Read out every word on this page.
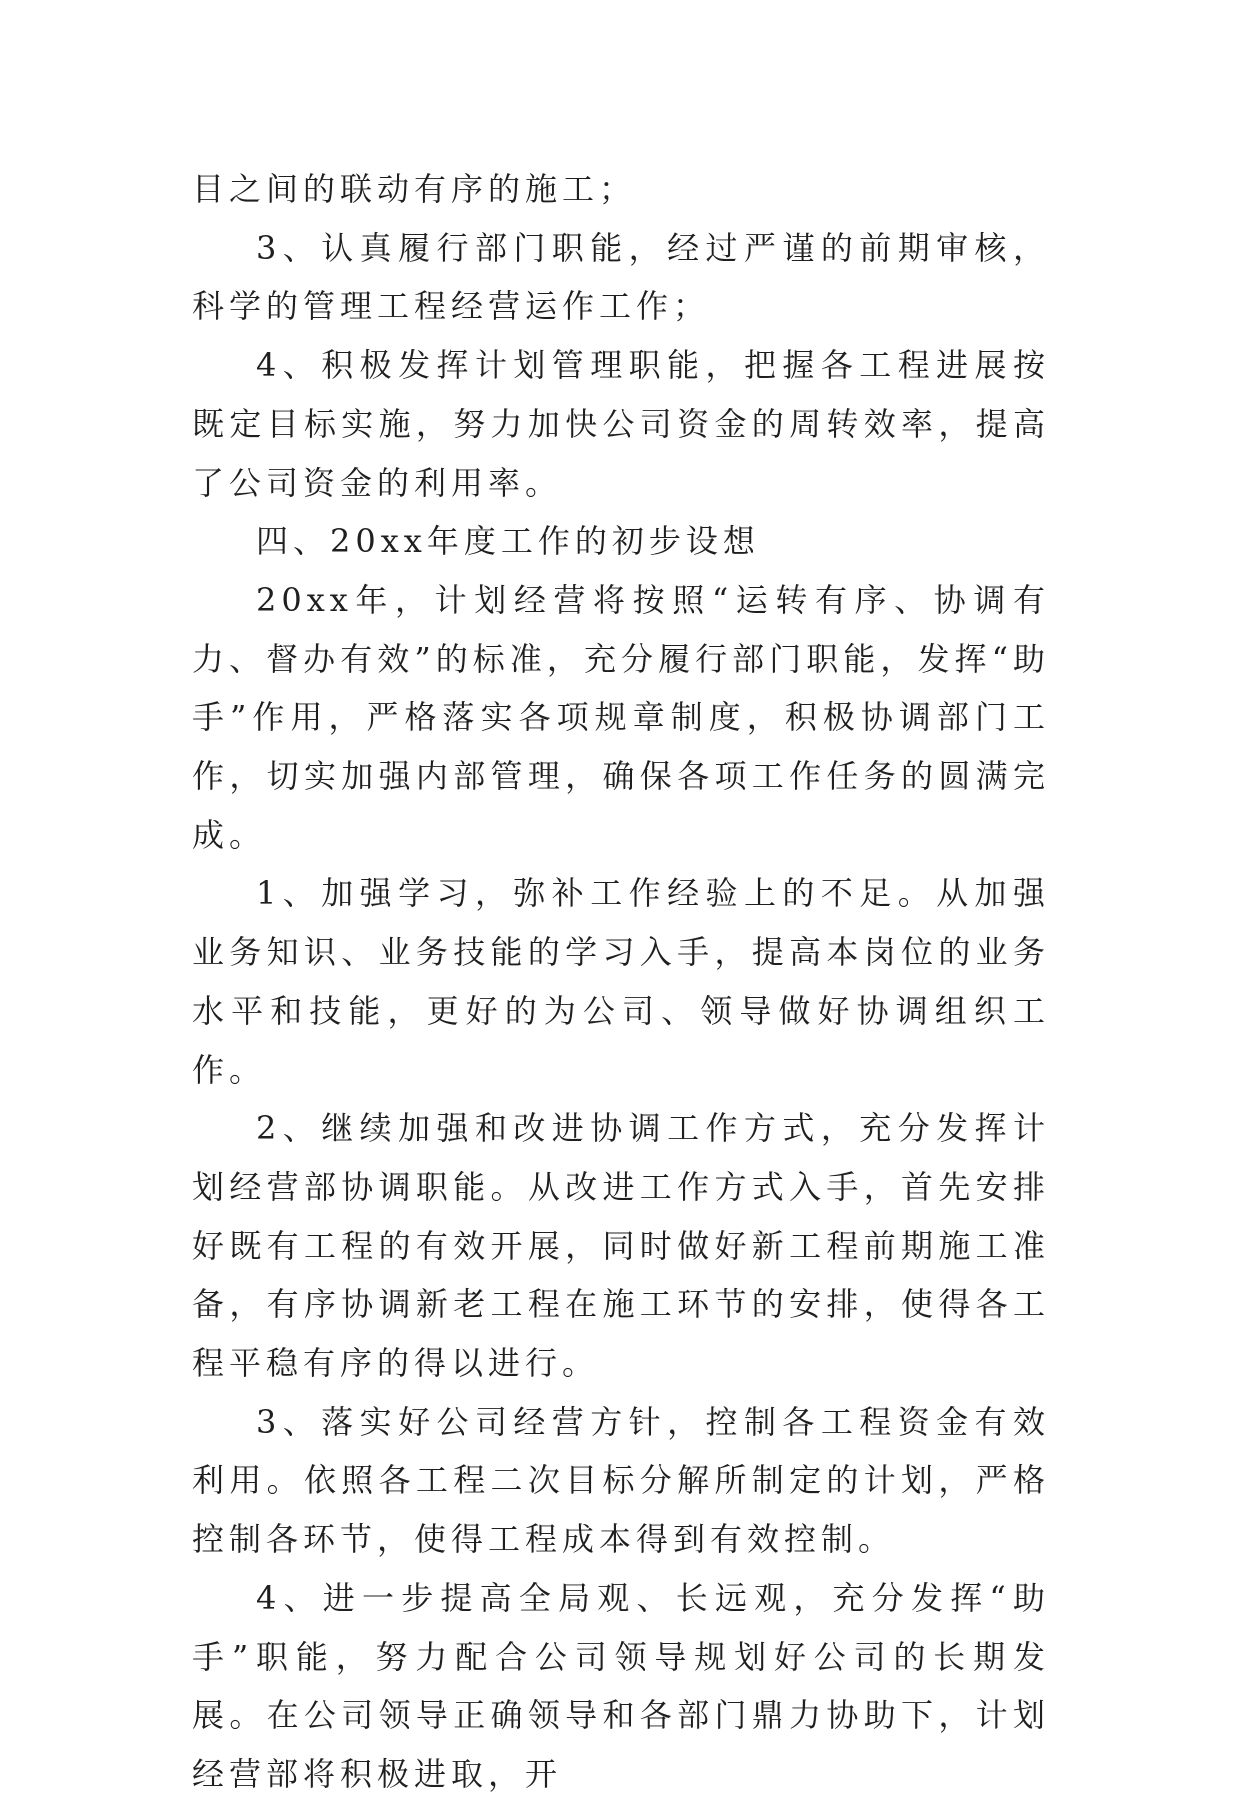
目之间的联动有序的施工；

3、认真履行部门职能，经过严谨的前期审核，科学的管理工程经营运作工作；

4、积极发挥计划管理职能，把握各工程进展按既定目标实施，努力加快公司资金的周转效率，提高了公司资金的利用率。

四、20xx年度工作的初步设想

20xx年，计划经营将按照“运转有序、协调有力、督办有效”的标准，充分履行部门职能，发挥“助手”作用，严格落实各项规章制度，积极协调部门工作，切实加强内部管理，确保各项工作任务的圆满完成。

1、加强学习，弥补工作经验上的不足。从加强业务知识、业务技能的学习入手，提高本岗位的业务水平和技能，更好的为公司、领导做好协调组织工作。

2、继续加强和改进协调工作方式，充分发挥计划经营部协调职能。从改进工作方式入手，首先安排好既有工程的有效开展，同时做好新工程前期施工准备，有序协调新老工程在施工环节的安排，使得各工程平稳有序的得以进行。

3、落实好公司经营方针，控制各工程资金有效利用。依照各工程二次目标分解所制定的计划，严格控制各环节，使得工程成本得到有效控制。

4、进一步提高全局观、长远观，充分发挥“助手”职能，努力配合公司领导规划好公司的长期发展。在公司领导正确领导和各部门鼎力协助下，计划经营部将积极进取，开
